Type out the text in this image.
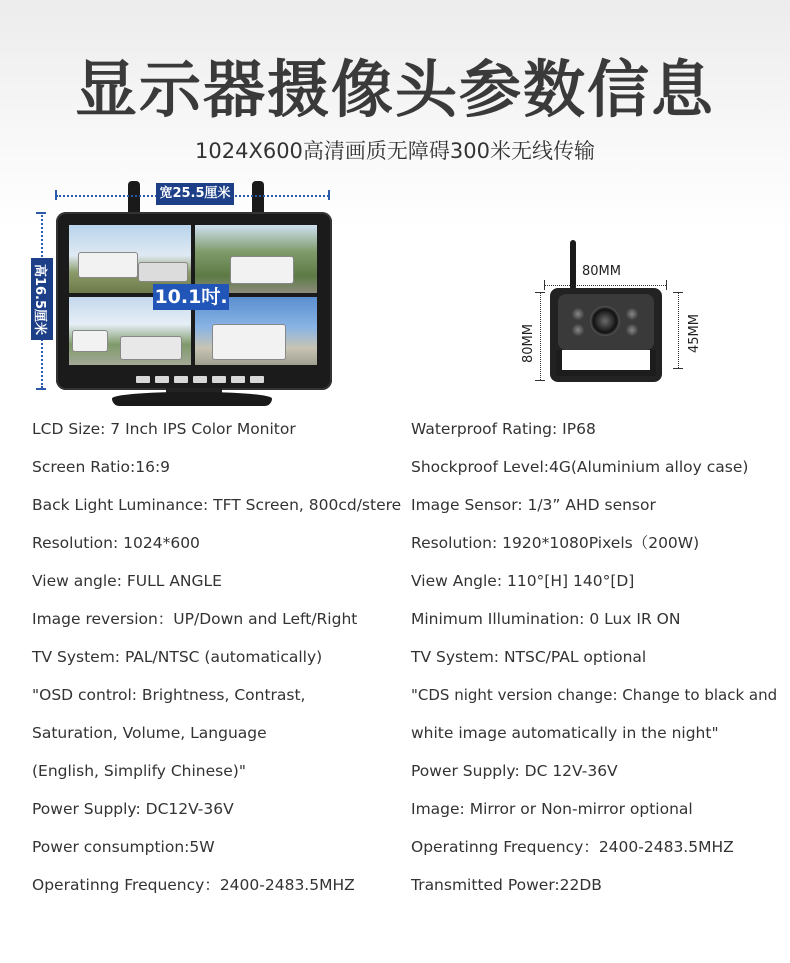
显示器摄像头参数信息
1024X600高清画质无障碍300米无线传输
宽25.5厘米
高16.5厘米	10.1吋.
80MM
80MM	45MM
LCD Size: 7 Inch IPS Color Monitor
Screen Ratio:16:9
Back Light Luminance: TFT Screen, 800cd/stere
Resolution: 1024*600
View angle: FULL ANGLE
Image reversion：UP/Down and Left/Right
TV System: PAL/NTSC (automatically)
"OSD control: Brightness, Contrast,
Saturation, Volume, Language
(English, Simplify Chinese)"
Power Supply: DC12V-36V
Power consumption:5W
Operatinng Frequency：2400-2483.5MHZ
Waterproof Rating: IP68
Shockproof Level:4G(Aluminium alloy case)
Image Sensor: 1/3” AHD sensor
Resolution: 1920*1080Pixels（200W)
View Angle: 110°[H] 140°[D]
Minimum Illumination: 0 Lux IR ON
TV System: NTSC/PAL optional
"CDS night version change: Change to black and
white image automatically in the night"
Power Supply: DC 12V-36V
Image: Mirror or Non-mirror optional
Operatinng Frequency：2400-2483.5MHZ
Transmitted Power:22DB
